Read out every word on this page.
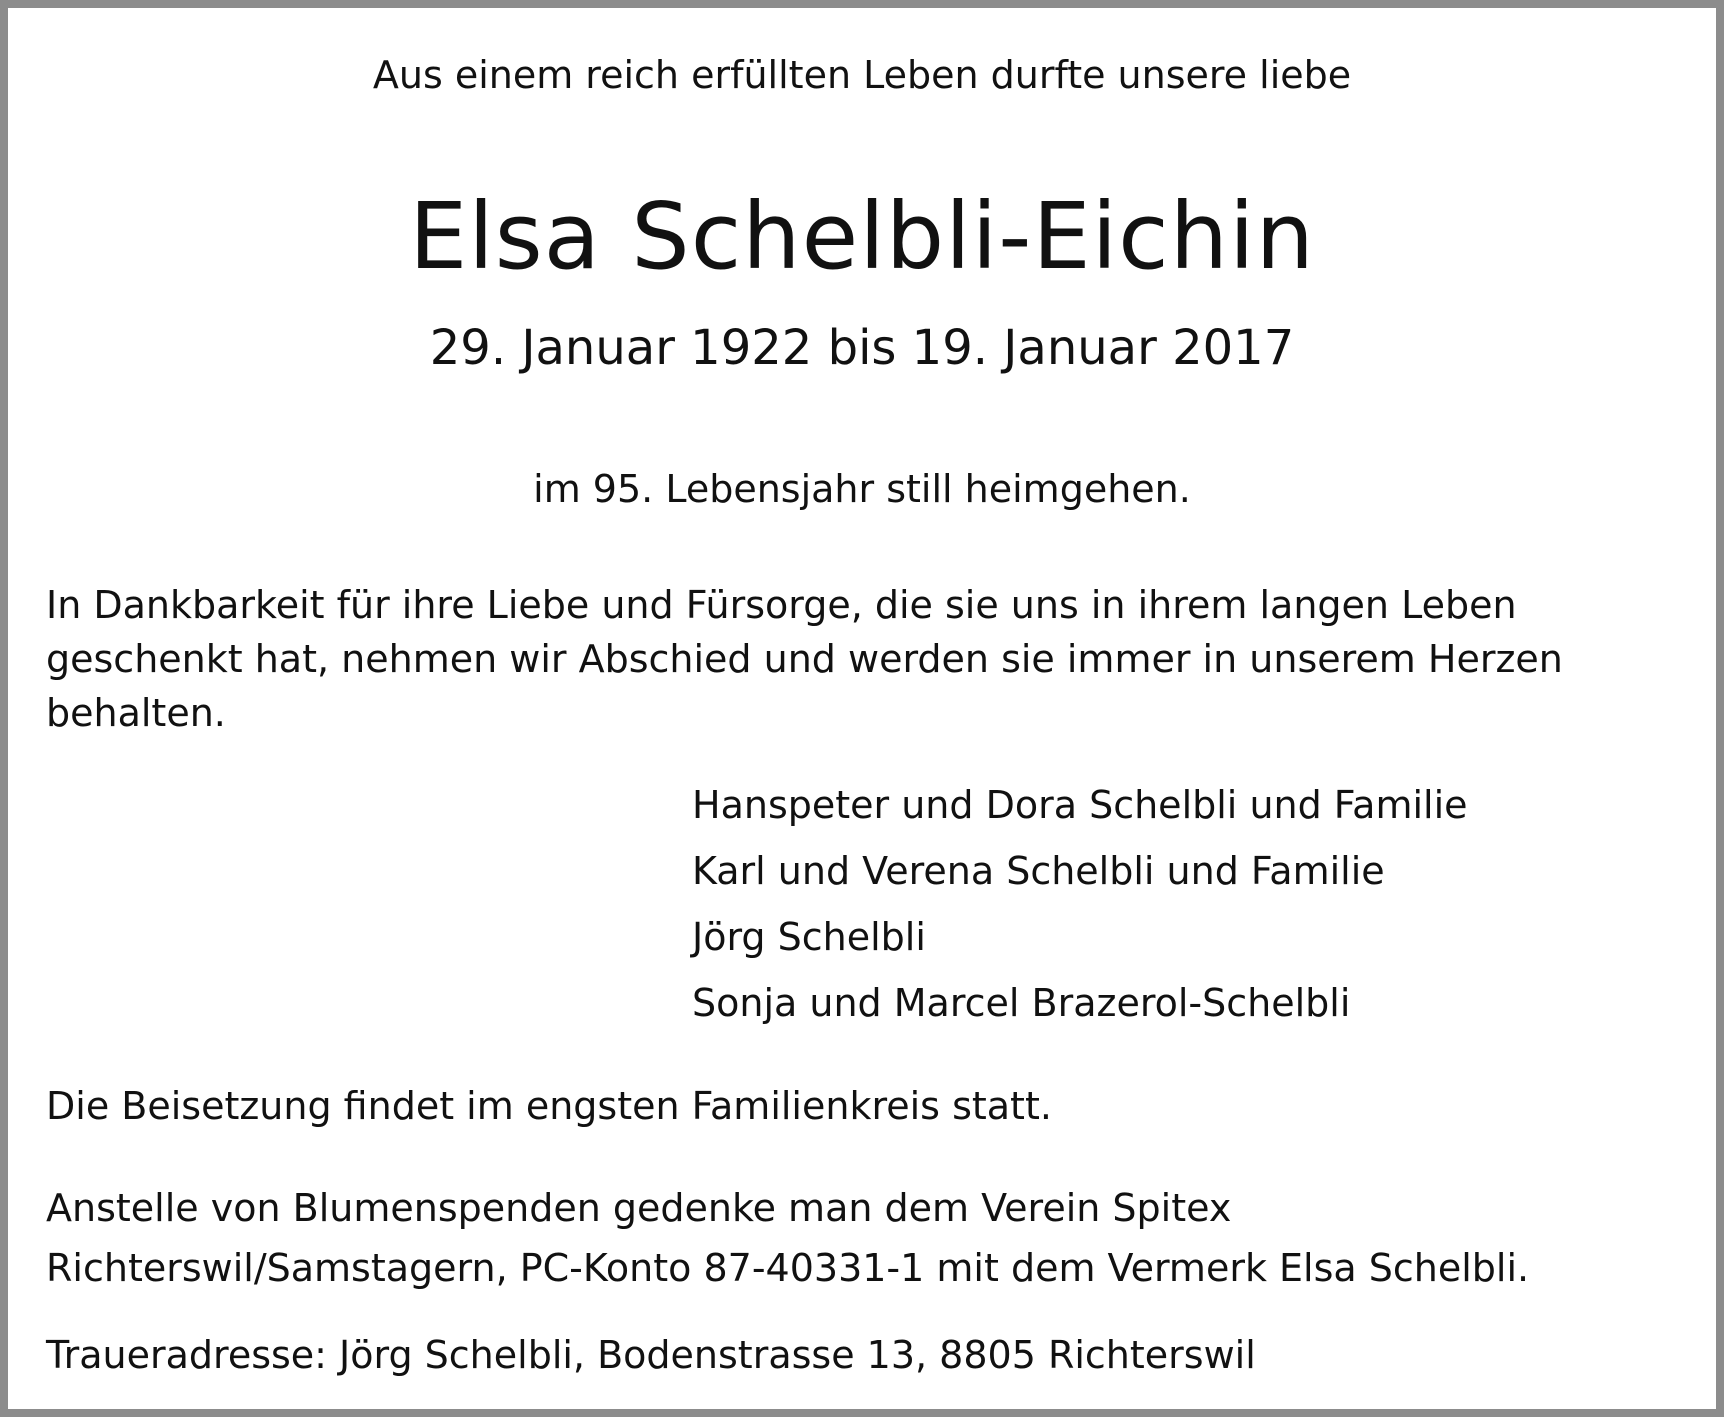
Aus einem reich erfüllten Leben durfte unsere liebe

Elsa Schelbli-Eichin

29. Januar 1922 bis 19. Januar 2017

im 95. Lebensjahr still heimgehen.

In Dankbarkeit für ihre Liebe und Fürsorge, die sie uns in ihrem langen Leben geschenkt hat, nehmen wir Abschied und werden sie immer in unserem Herzen behalten.

Hanspeter und Dora Schelbli und Familie
Karl und Verena Schelbli und Familie
Jörg Schelbli
Sonja und Marcel Brazerol-Schelbli

Die Beisetzung findet im engsten Familienkreis statt.

Anstelle von Blumenspenden gedenke man dem Verein Spitex
Richterswil/Samstagern, PC-Konto 87-40331-1 mit dem Vermerk Elsa Schelbli.

Traueradresse: Jörg Schelbli, Bodenstrasse 13, 8805 Richterswil
